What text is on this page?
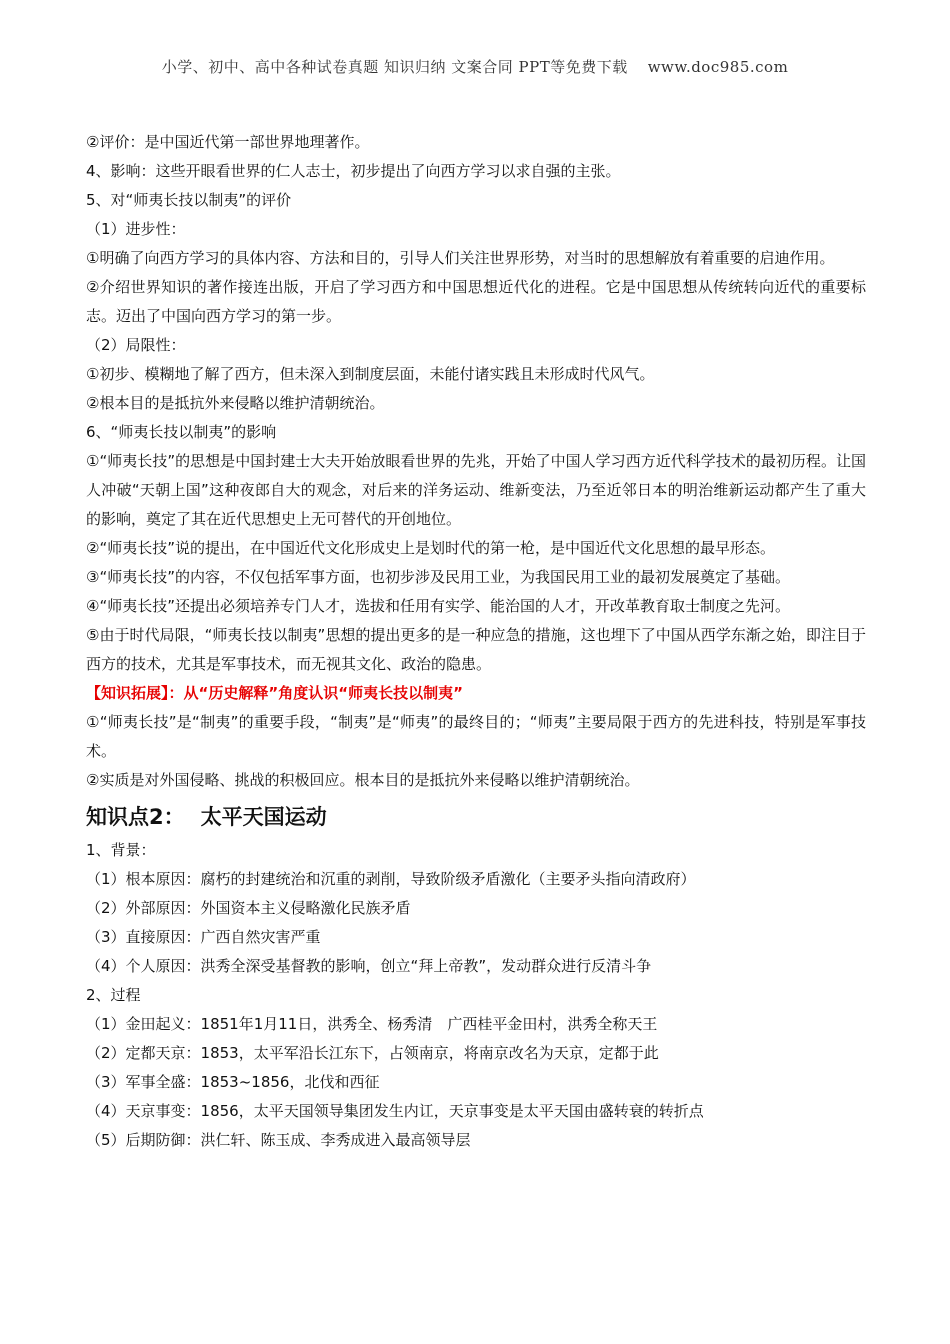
小学、初中、高中各种试卷真题 知识归纳 文案合同 PPT等免费下载 www.doc985.com

②评价：是中国近代第一部世界地理著作。

4、影响：这些开眼看世界的仁人志士，初步提出了向西方学习以求自强的主张。

5、对“师夷长技以制夷”的评价

（1）进步性：

①明确了向西方学习的具体内容、方法和目的，引导人们关注世界形势，对当时的思想解放有着重要的启迪作用。

②介绍世界知识的著作接连出版，开启了学习西方和中国思想近代化的进程。它是中国思想从传统转向近代的重要标志。迈出了中国向西方学习的第一步。

（2）局限性：

①初步、模糊地了解了西方，但未深入到制度层面，未能付诸实践且未形成时代风气。

②根本目的是抵抗外来侵略以维护清朝统治。

6、“师夷长技以制夷”的影响

①“师夷长技”的思想是中国封建士大夫开始放眼看世界的先兆，开始了中国人学习西方近代科学技术的最初历程。让国人冲破“天朝上国”这种夜郎自大的观念，对后来的洋务运动、维新变法，乃至近邻日本的明治维新运动都产生了重大的影响，奠定了其在近代思想史上无可替代的开创地位。

②“师夷长技”说的提出，在中国近代文化形成史上是划时代的第一枪，是中国近代文化思想的最早形态。

③“师夷长技”的内容，不仅包括军事方面，也初步涉及民用工业，为我国民用工业的最初发展奠定了基础。

④“师夷长技”还提出必须培养专门人才，选拔和任用有实学、能治国的人才，开改革教育取士制度之先河。

⑤由于时代局限，“师夷长技以制夷”思想的提出更多的是一种应急的措施，这也埋下了中国从西学东渐之始，即注目于西方的技术，尤其是军事技术，而无视其文化、政治的隐患。

【知识拓展】：从“历史解释”角度认识“师夷长技以制夷”

①“师夷长技”是“制夷”的重要手段，“制夷”是“师夷”的最终目的；“师夷”主要局限于西方的先进科技，特别是军事技术。

②实质是对外国侵略、挑战的积极回应。根本目的是抵抗外来侵略以维护清朝统治。

知识点2： 太平天国运动

1、背景：

（1）根本原因：腐朽的封建统治和沉重的剥削，导致阶级矛盾激化（主要矛头指向清政府）

（2）外部原因：外国资本主义侵略激化民族矛盾

（3）直接原因：广西自然灾害严重

（4）个人原因：洪秀全深受基督教的影响，创立“拜上帝教”，发动群众进行反清斗争

2、过程

（1）金田起义：1851年1月11日，洪秀全、杨秀清　广西桂平金田村，洪秀全称天王

（2）定都天京：1853，太平军沿长江东下，占领南京，将南京改名为天京，定都于此

（3）军事全盛：1853~1856，北伐和西征

（4）天京事变：1856，太平天国领导集团发生内讧，天京事变是太平天国由盛转衰的转折点

（5）后期防御：洪仁轩、陈玉成、李秀成进入最高领导层
